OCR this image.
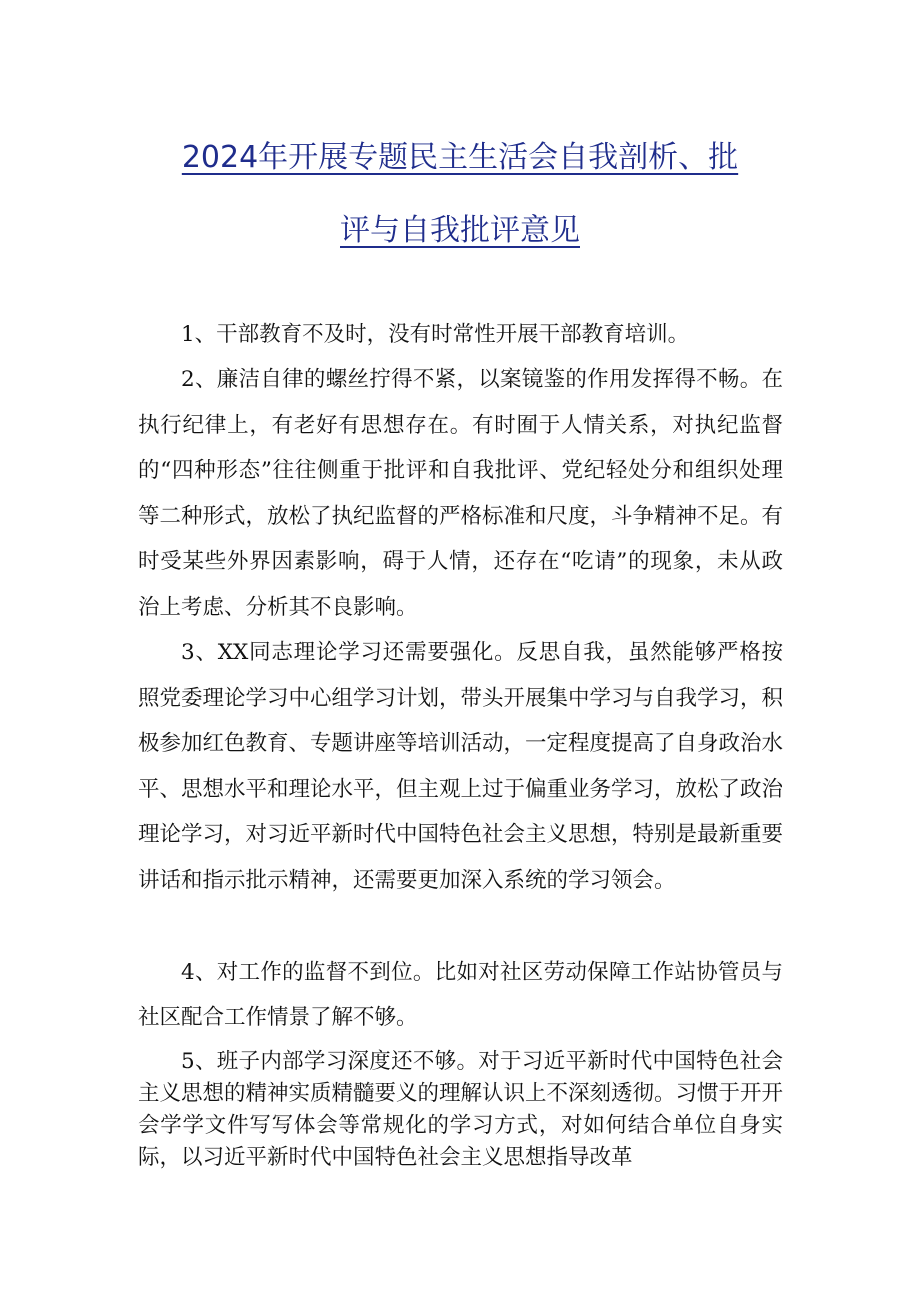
2024年开展专题民主生活会自我剖析、批
评与自我批评意见

1、干部教育不及时，没有时常性开展干部教育培训。

2、廉洁自律的螺丝拧得不紧，以案镜鉴的作用发挥得不畅。在执行纪律上，有老好有思想存在。有时囿于人情关系，对执纪监督的“四种形态”往往侧重于批评和自我批评、党纪轻处分和组织处理等二种形式，放松了执纪监督的严格标准和尺度，斗争精神不足。有时受某些外界因素影响，碍于人情，还存在“吃请”的现象，未从政治上考虑、分析其不良影响。

3、XX同志理论学习还需要强化。反思自我，虽然能够严格按照党委理论学习中心组学习计划，带头开展集中学习与自我学习，积极参加红色教育、专题讲座等培训活动，一定程度提高了自身政治水平、思想水平和理论水平，但主观上过于偏重业务学习，放松了政治理论学习，对习近平新时代中国特色社会主义思想，特别是最新重要讲话和指示批示精神，还需要更加深入系统的学习领会。

4、对工作的监督不到位。比如对社区劳动保障工作站协管员与社区配合工作情景了解不够。

5、班子内部学习深度还不够。对于习近平新时代中国特色社会主义思想的精神实质精髓要义的理解认识上不深刻透彻。习惯于开开会学学文件写写体会等常规化的学习方式，对如何结合单位自身实际，以习近平新时代中国特色社会主义思想指导改革
